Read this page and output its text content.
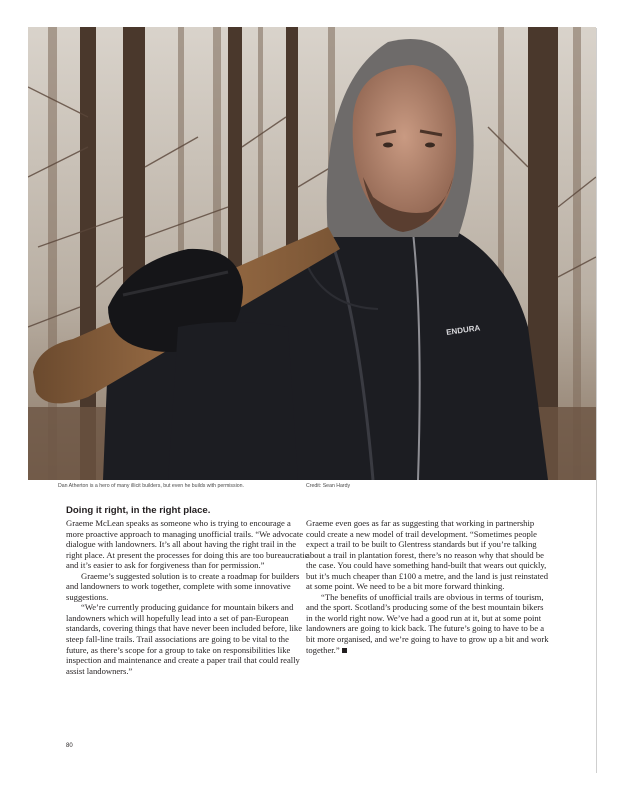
ENDURA
Dan Atherton is a hero of many illicit builders, but even he builds with permission.	Credit: Sean Hardy
Doing it right, in the right place.

Graeme McLean speaks as someone who is trying to encourage a more proactive approach to managing unofficial trails. “We advocate dialogue with landowners. It’s all about having the right trail in the right place. At present the processes for doing this are too bureaucratic and it’s easier to ask for forgiveness than for permission.”

Graeme’s suggested solution is to create a roadmap for builders and landowners to work together, complete with some innovative suggestions.

“We’re currently producing guidance for mountain bikers and landowners which will hopefully lead into a set of pan-European standards, covering things that have never been included before, like steep fall-line trails. Trail associations are going to be vital to the future, as there’s scope for a group to take on responsibilities like inspection and maintenance and create a paper trail that could really assist landowners.”

Graeme even goes as far as suggesting that working in partnership could create a new model of trail development. “Sometimes people expect a trail to be built to Glentress standards but if you’re talking about a trail in plantation forest, there’s no reason why that should be the case. You could have something hand-built that wears out quickly, but it’s much cheaper than £100 a metre, and the land is just reinstated at some point. We need to be a bit more forward thinking.

“The benefits of unofficial trails are obvious in terms of tourism, and the sport. Scotland’s producing some of the best mountain bikers in the world right now. We’ve had a good run at it, but at some point landowners are going to kick back. The future’s going to have to be a bit more organised, and we’re going to have to grow up a bit and work together.”

80
